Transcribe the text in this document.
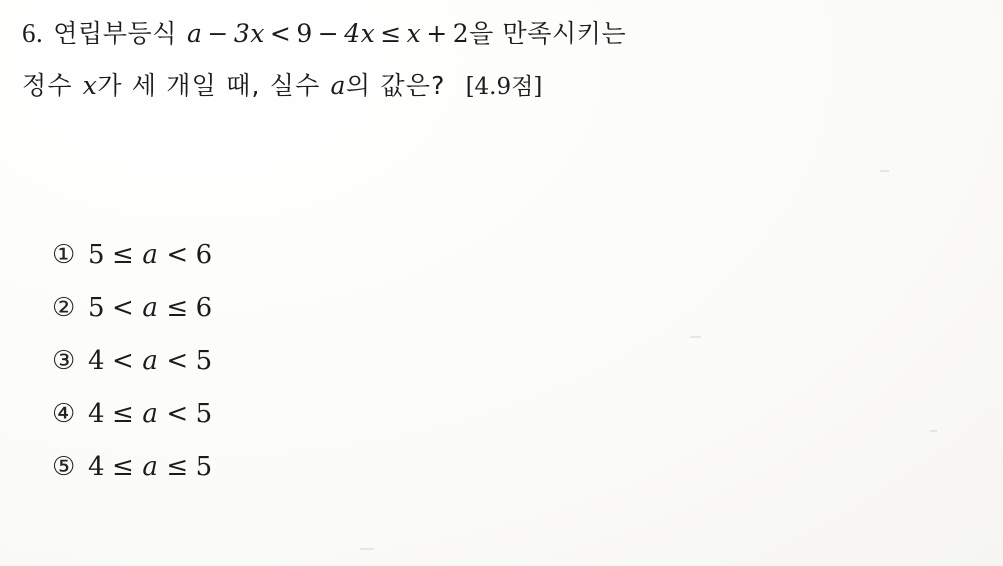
6. 연립부등식 a − 3x < 9 − 4x ≤ x + 2 을 만족시키는
정수 x 가 세 개일 때, 실수 a 의 값은? [4.9점]
① 5 ≤ a < 6
② 5 < a ≤ 6
③ 4 < a < 5
④ 4 ≤ a < 5
⑤ 4 ≤ a ≤ 5
